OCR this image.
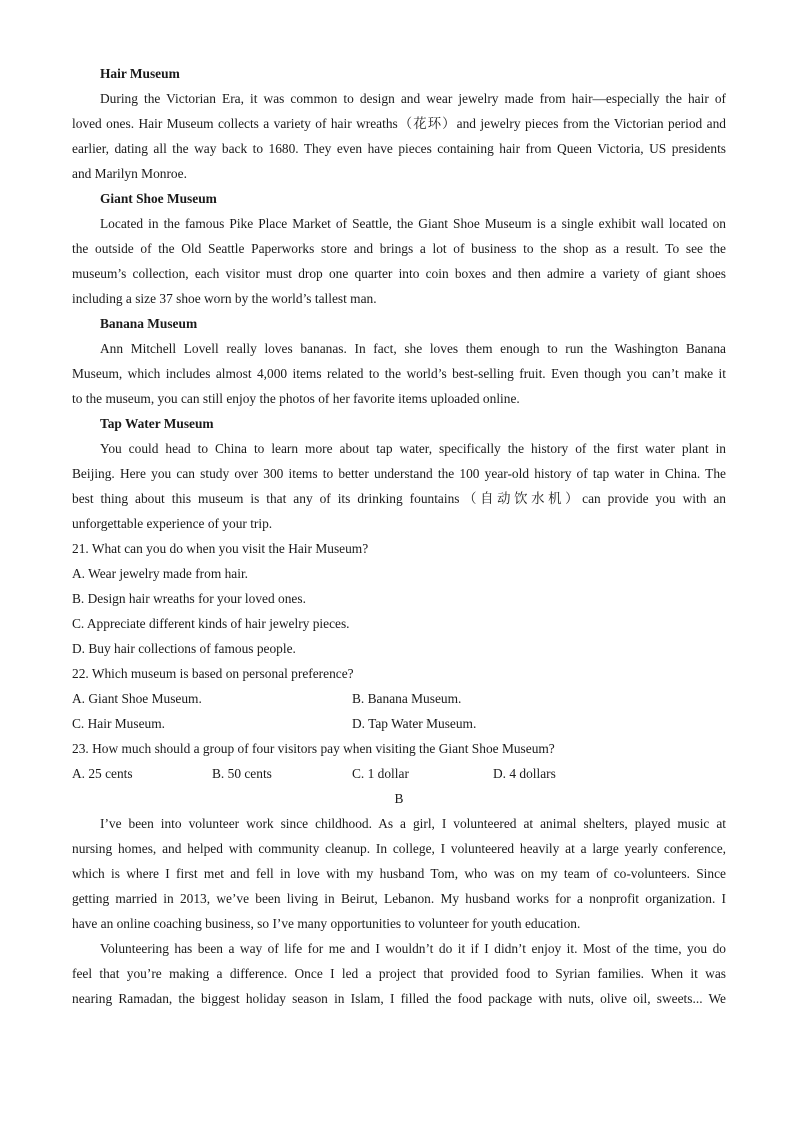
Hair Museum
During the Victorian Era, it was common to design and wear jewelry made from hair—especially the hair of
loved ones. Hair Museum collects a variety of hair wreaths（花环）and jewelry pieces from the Victorian period and
earlier, dating all the way back to 1680. They even have pieces containing hair from Queen Victoria, US presidents
and Marilyn Monroe.
Giant Shoe Museum
Located in the famous Pike Place Market of Seattle, the Giant Shoe Museum is a single exhibit wall located on
the outside of the Old Seattle Paperworks store and brings a lot of business to the shop as a result. To see the
museum’s collection, each visitor must drop one quarter into coin boxes and then admire a variety of giant shoes
including a size 37 shoe worn by the world’s tallest man.
Banana Museum
Ann Mitchell Lovell really loves bananas. In fact, she loves them enough to run the Washington Banana
Museum, which includes almost 4,000 items related to the world’s best-selling fruit. Even though you can’t make it
to the museum, you can still enjoy the photos of her favorite items uploaded online.
Tap Water Museum
You could head to China to learn more about tap water, specifically the history of the first water plant in
Beijing. Here you can study over 300 items to better understand the 100 year-old history of tap water in China. The
best thing about this museum is that any of its drinking fountains（自动饮水机）can provide you with an
unforgettable experience of your trip.
21. What can you do when you visit the Hair Museum?
A. Wear jewelry made from hair.
B. Design hair wreaths for your loved ones.
C. Appreciate different kinds of hair jewelry pieces.
D. Buy hair collections of famous people.
22. Which museum is based on personal preference?
A. Giant Shoe Museum.	B. Banana Museum.
C. Hair Museum.	D. Tap Water Museum.
23. How much should a group of four visitors pay when visiting the Giant Shoe Museum?
A. 25 cents	B. 50 cents	C. 1 dollar	D. 4 dollars
B
I’ve been into volunteer work since childhood. As a girl, I volunteered at animal shelters, played music at
nursing homes, and helped with community cleanup. In college, I volunteered heavily at a large yearly conference,
which is where I first met and fell in love with my husband Tom, who was on my team of co-volunteers. Since
getting married in 2013, we’ve been living in Beirut, Lebanon. My husband works for a nonprofit organization. I
have an online coaching business, so I’ve many opportunities to volunteer for youth education.
Volunteering has been a way of life for me and I wouldn’t do it if I didn’t enjoy it. Most of the time, you do
feel that you’re making a difference. Once I led a project that provided food to Syrian families. When it was
nearing Ramadan, the biggest holiday season in Islam, I filled the food package with nuts, olive oil, sweets... We
